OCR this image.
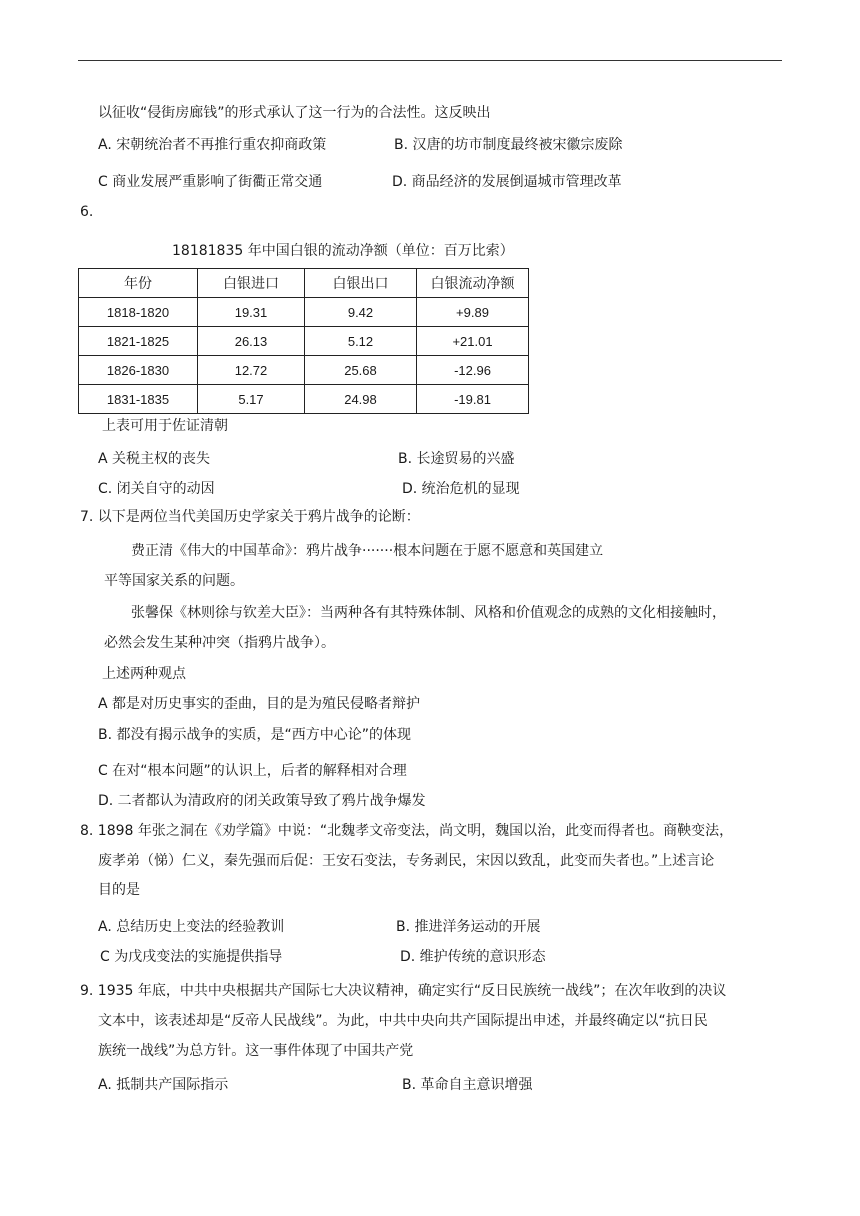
以征收“侵街房廊钱”的形式承认了这一行为的合法性。这反映出
A. 宋朝统治者不再推行重农抑商政策	B. 汉唐的坊市制度最终被宋徽宗废除
C 商业发展严重影响了街衢正常交通	D. 商品经济的发展倒逼城市管理改革
6.
18181835 年中国白银的流动净额（单位：百万比索）
年份	白银进口	白银出口	白银流动净额
1818-1820	19.31	9.42	+9.89
1821-1825	26.13	5.12	+21.01
1826-1830	12.72	25.68	-12.96
1831-1835	5.17	24.98	-19.81
上表可用于佐证清朝
A 关税主权的丧失	B. 长途贸易的兴盛
C. 闭关自守的动因	D. 统治危机的显现
7. 以下是两位当代美国历史学家关于鸦片战争的论断：
费正清《伟大的中国革命》：鸦片战争·······根本问题在于愿不愿意和英国建立
平等国家关系的问题。
张馨保《林则徐与钦差大臣》：当两种各有其特殊体制、风格和价值观念的成熟的文化相接触时，
必然会发生某种冲突（指鸦片战争）。
上述两种观点
A 都是对历史事实的歪曲，目的是为殖民侵略者辩护
B. 都没有揭示战争的实质，是“西方中心论”的体现
C 在对“根本问题”的认识上，后者的解释相对合理
D. 二者都认为清政府的闭关政策导致了鸦片战争爆发
8. 1898 年张之洞在《劝学篇》中说：“北魏孝文帝变法，尚文明，魏国以治，此变而得者也。商鞅变法，
废孝弟（悌）仁义，秦先强而后促：王安石变法，专务剥民，宋因以致乱，此变而失者也。”上述言论
目的是
A. 总结历史上变法的经验教训	B. 推进洋务运动的开展
C 为戊戌变法的实施提供指导	D. 维护传统的意识形态
9. 1935 年底，中共中央根据共产国际七大决议精神，确定实行“反日民族统一战线”；在次年收到的决议
文本中，该表述却是“反帝人民战线”。为此，中共中央向共产国际提出申述，并最终确定以“抗日民
族统一战线”为总方针。这一事件体现了中国共产党
A. 抵制共产国际指示	B. 革命自主意识增强
